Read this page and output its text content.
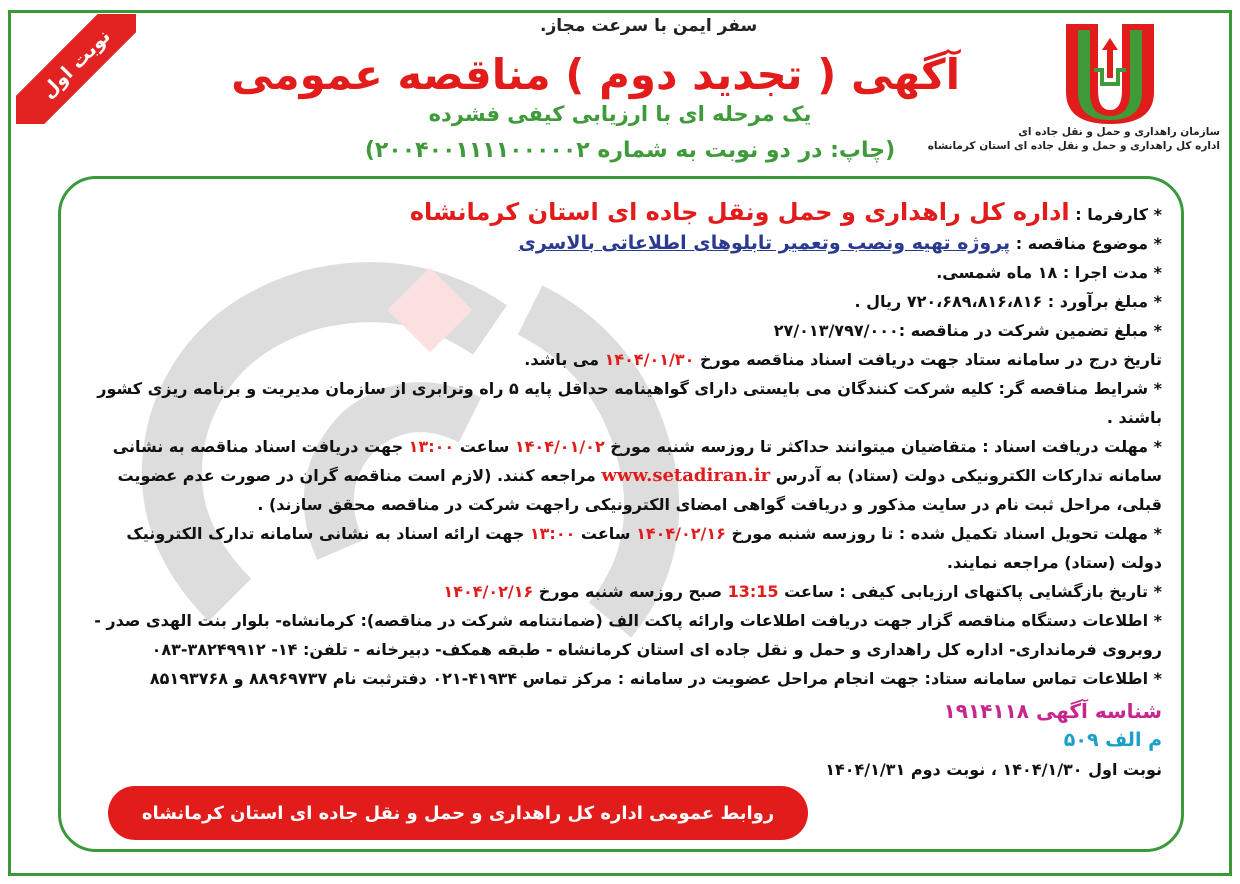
نوبت اول
سازمان راهداری و حمل و نقل جاده ای
اداره کل راهداری و حمل و نقل جاده ای استان کرمانشاه
سفر ایمن با سرعت مجاز.
آگهی ( تجدید دوم ) مناقصه عمومی
یک مرحله ای با ارزیابی کیفی فشرده
(چاپ: در دو نوبت به شماره ۲۰۰۴۰۰۱۱۱۱۰۰۰۰۰۲)

* کارفرما : اداره کل راهداری و حمل ونقل جاده ای استان کرمانشاه

* موضوع مناقصه : پروژه تهیه ونصب وتعمیر تابلوهای اطلاعاتی بالاسری

* مدت اجرا : ۱۸ ماه شمسی.

* مبلغ برآورد : ۷۲۰،۶۸۹،۸۱۶،۸۱۶ ریال .

* مبلغ تضمین شرکت در مناقصه :۲۷/۰۱۳/۷۹۷/۰۰۰

تاریخ درج در سامانه ستاد جهت دریافت اسناد مناقصه مورخ ۱۴۰۴/۰۱/۳۰ می باشد.

* شرایط مناقصه گر: کلیه شرکت کنندگان می بایستی دارای گواهینامه حداقل پایه ۵ راه وترابری از سازمان مدیریت و برنامه ریزی کشور باشند .

* مهلت دریافت اسناد : متقاضیان میتوانند حداکثر تا روزسه شنبه مورخ ۱۴۰۴/۰۱/۰۲ ساعت ۱۳:۰۰ جهت دریافت اسناد مناقصه به نشانی سامانه تدارکات الکترونیکی دولت (ستاد) به آدرس www.setadiran.ir مراجعه کنند. (لازم است مناقصه گران در صورت عدم عضویت قبلی، مراحل ثبت نام در سایت مذکور و دریافت گواهی امضای الکترونیکی راجهت شرکت در مناقصه محقق سازند) .

* مهلت تحویل اسناد تکمیل شده : تا روزسه شنبه مورخ ۱۴۰۴/۰۲/۱۶ ساعت ۱۳:۰۰ جهت ارائه اسناد به نشانی سامانه تدارک الکترونیک دولت (ستاد) مراجعه نمایند.

* تاریخ بازگشایی پاکتهای ارزیابی کیفی : ساعت 13:15 صبح روزسه شنبه مورخ ۱۴۰۴/۰۲/۱۶

* اطلاعات دستگاه مناقصه گزار جهت دریافت اطلاعات وارائه پاکت الف (ضمانتنامه شرکت در مناقصه): کرمانشاه- بلوار بنت الهدی صدر - روبروی فرمانداری- اداره کل راهداری و حمل و نقل جاده ای استان کرمانشاه - طبقه همکف- دبیرخانه - تلفن: ۱۴- ۳۸۲۴۹۹۱۲-۰۸۳

* اطلاعات تماس سامانه ستاد: جهت انجام مراحل عضویت در سامانه : مرکز تماس ۴۱۹۳۴-۰۲۱ دفترثبت نام ۸۸۹۶۹۷۳۷ و ۸۵۱۹۳۷۶۸

شناسه آگهی ۱۹۱۴۱۱۸

م الف ۵۰۹

نوبت اول ۱۴۰۴/۱/۳۰ ، نوبت دوم ۱۴۰۴/۱/۳۱

روابط عمومی اداره کل راهداری و حمل و نقل جاده ای استان کرمانشاه
